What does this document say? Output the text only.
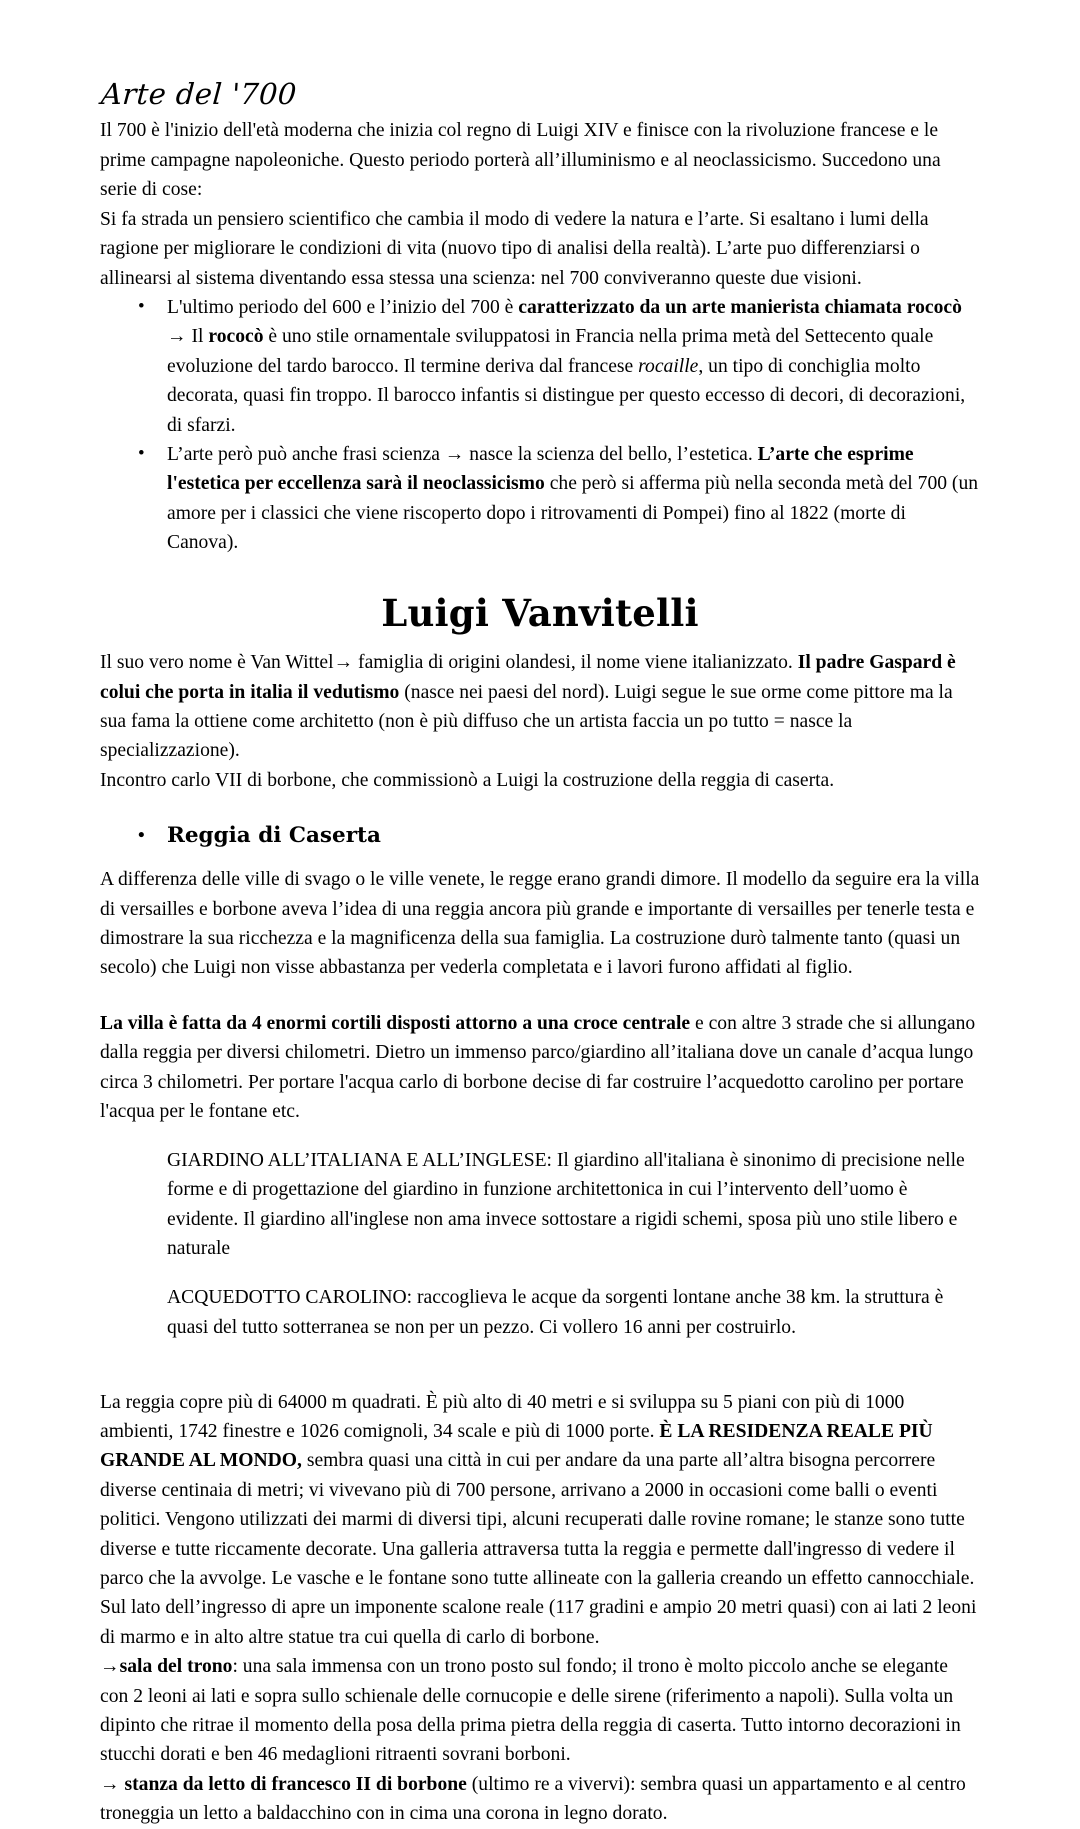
Arte del '700

Il 700 è l'inizio dell'età moderna che inizia col regno di Luigi XIV e finisce con la rivoluzione francese e le prime campagne napoleoniche. Questo periodo porterà all’illuminismo e al neoclassicismo. Succedono una serie di cose:

Si fa strada un pensiero scientifico che cambia il modo di vedere la natura e l’arte. Si esaltano i lumi della ragione per migliorare le condizioni di vita (nuovo tipo di analisi della realtà). L’arte puo differenziarsi o allinearsi al sistema diventando essa stessa una scienza: nel 700 conviveranno queste due visioni.

• L'ultimo periodo del 600 e l’inizio del 700 è caratterizzato da un arte manierista chiamata rococò → Il rococò è uno stile ornamentale sviluppatosi in Francia nella prima metà del Settecento quale evoluzione del tardo barocco. Il termine deriva dal francese rocaille, un tipo di conchiglia molto decorata, quasi fin troppo. Il barocco infantis si distingue per questo eccesso di decori, di decorazioni, di sfarzi.
• L’arte però può anche frasi scienza → nasce la scienza del bello, l’estetica. L’arte che esprime l'estetica per eccellenza sarà il neoclassicismo che però si afferma più nella seconda metà del 700 (un amore per i classici che viene riscoperto dopo i ritrovamenti di Pompei) fino al 1822 (morte di Canova).
Luigi Vanvitelli

Il suo vero nome è Van Wittel→ famiglia di origini olandesi, il nome viene italianizzato. Il padre Gaspard è colui che porta in italia il vedutismo (nasce nei paesi del nord). Luigi segue le sue orme come pittore ma la sua fama la ottiene come architetto (non è più diffuso che un artista faccia un po tutto = nasce la specializzazione).

Incontro carlo VII di borbone, che commissionò a Luigi la costruzione della reggia di caserta.

• Reggia di Caserta

A differenza delle ville di svago o le ville venete, le regge erano grandi dimore. Il modello da seguire era la villa di versailles e borbone aveva l’idea di una reggia ancora più grande e importante di versailles per tenerle testa e dimostrare la sua ricchezza e la magnificenza della sua famiglia. La costruzione durò talmente tanto (quasi un secolo) che Luigi non visse abbastanza per vederla completata e i lavori furono affidati al figlio.

La villa è fatta da 4 enormi cortili disposti attorno a una croce centrale e con altre 3 strade che si allungano dalla reggia per diversi chilometri. Dietro un immenso parco/giardino all’italiana dove un canale d’acqua lungo circa 3 chilometri. Per portare l'acqua carlo di borbone decise di far costruire l’acquedotto carolino per portare l'acqua per le fontane etc.

GIARDINO ALL’ITALIANA E ALL’INGLESE: Il giardino all'italiana è sinonimo di precisione nelle forme e di progettazione del giardino in funzione architettonica in cui l’intervento dell’uomo è evidente. Il giardino all'inglese non ama invece sottostare a rigidi schemi, sposa più uno stile libero e naturale

ACQUEDOTTO CAROLINO: raccoglieva le acque da sorgenti lontane anche 38 km. la struttura è quasi del tutto sotterranea se non per un pezzo. Ci vollero 16 anni per costruirlo.

La reggia copre più di 64000 m quadrati. È più alto di 40 metri e si sviluppa su 5 piani con più di 1000 ambienti, 1742 finestre e 1026 comignoli, 34 scale e più di 1000 porte. È LA RESIDENZA REALE PIÙ GRANDE AL MONDO, sembra quasi una città in cui per andare da una parte all’altra bisogna percorrere diverse centinaia di metri; vi vivevano più di 700 persone, arrivano a 2000 in occasioni come balli o eventi politici. Vengono utilizzati dei marmi di diversi tipi, alcuni recuperati dalle rovine romane; le stanze sono tutte diverse e tutte riccamente decorate. Una galleria attraversa tutta la reggia e permette dall'ingresso di vedere il parco che la avvolge. Le vasche e le fontane sono tutte allineate con la galleria creando un effetto cannocchiale.

Sul lato dell’ingresso di apre un imponente scalone reale (117 gradini e ampio 20 metri quasi) con ai lati 2 leoni di marmo e in alto altre statue tra cui quella di carlo di borbone.

→sala del trono: una sala immensa con un trono posto sul fondo; il trono è molto piccolo anche se elegante con 2 leoni ai lati e sopra sullo schienale delle cornucopie e delle sirene (riferimento a napoli). Sulla volta un dipinto che ritrae il momento della posa della prima pietra della reggia di caserta. Tutto intorno decorazioni in stucchi dorati e ben 46 medaglioni ritraenti sovrani borboni.

→ stanza da letto di francesco II di borbone (ultimo re a vivervi): sembra quasi un appartamento e al centro troneggia un letto a baldacchino con in cima una corona in legno dorato.
